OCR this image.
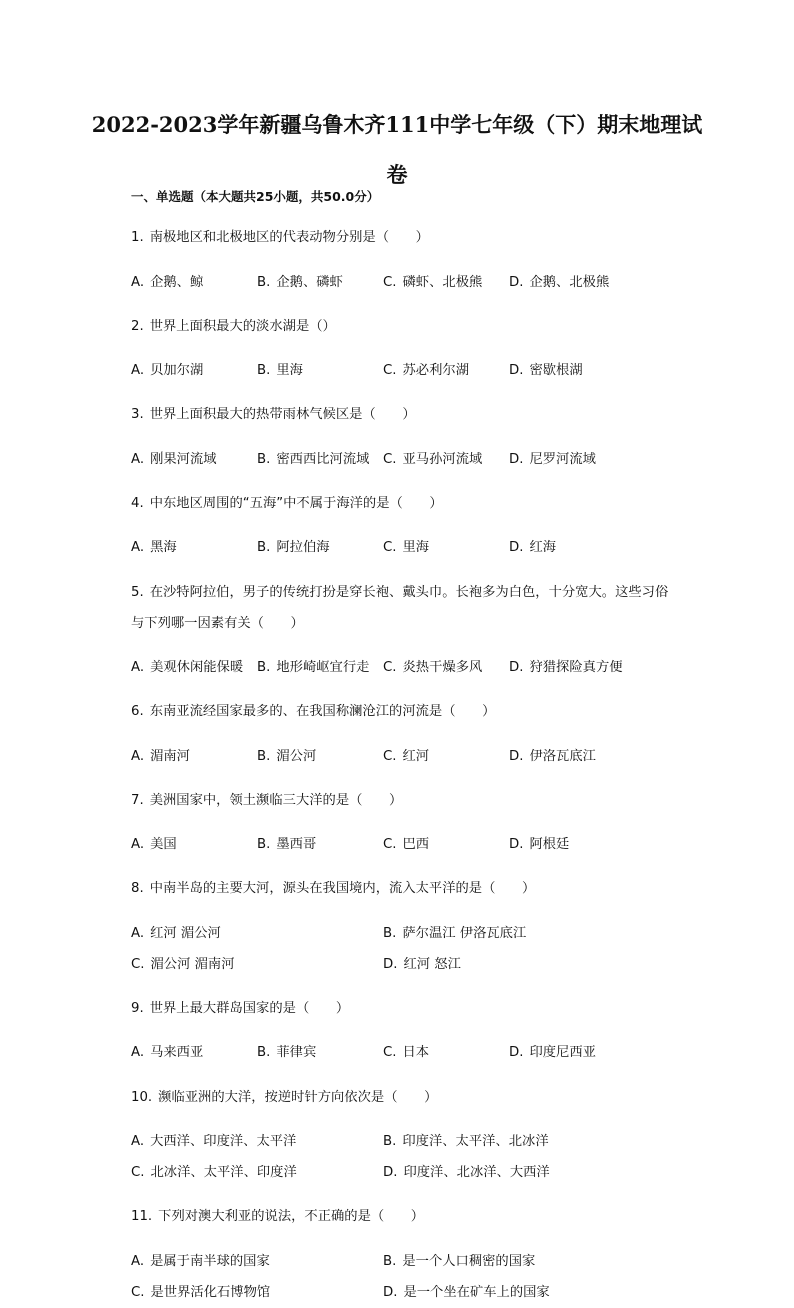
2022-2023学年新疆乌鲁木齐111中学七年级（下）期末地理试卷

一、单选题（本大题共25小题，共50.0分）

1. 南极地区和北极地区的代表动物分别是（　　）

A. 企鹅、鲸	B. 企鹅、磷虾	C. 磷虾、北极熊	D. 企鹅、北极熊

2. 世界上面积最大的淡水湖是（）

A. 贝加尔湖	B. 里海	C. 苏必利尔湖	D. 密歇根湖

3. 世界上面积最大的热带雨林气候区是（　　）

A. 刚果河流域	B. 密西西比河流域	C. 亚马孙河流域	D. 尼罗河流域

4. 中东地区周围的“五海”中不属于海洋的是（　　）

A. 黑海	B. 阿拉伯海	C. 里海	D. 红海

5. 在沙特阿拉伯，男子的传统打扮是穿长袍、戴头巾。长袍多为白色，十分宽大。这些习俗与下列哪一因素有关（　　）

A. 美观休闲能保暖	B. 地形崎岖宜行走	C. 炎热干燥多风	D. 狩猎探险真方便

6. 东南亚流经国家最多的、在我国称澜沧江的河流是（　　）

A. 湄南河	B. 湄公河	C. 红河	D. 伊洛瓦底江

7. 美洲国家中，领土濒临三大洋的是（　　）

A. 美国	B. 墨西哥	C. 巴西	D. 阿根廷

8. 中南半岛的主要大河，源头在我国境内，流入太平洋的是（　　）

A. 红河 湄公河	B. 萨尔温江 伊洛瓦底江
C. 湄公河 湄南河	D. 红河 怒江

9. 世界上最大群岛国家的是（　　）

A. 马来西亚	B. 菲律宾	C. 日本	D. 印度尼西亚

10. 濒临亚洲的大洋，按逆时针方向依次是（　　）

A. 大西洋、印度洋、太平洋	B. 印度洋、太平洋、北冰洋
C. 北冰洋、太平洋、印度洋	D. 印度洋、北冰洋、大西洋

11. 下列对澳大利亚的说法，不正确的是（　　）

A. 是属于南半球的国家	B. 是一个人口稠密的国家
C. 是世界活化石博物馆	D. 是一个坐在矿车上的国家
